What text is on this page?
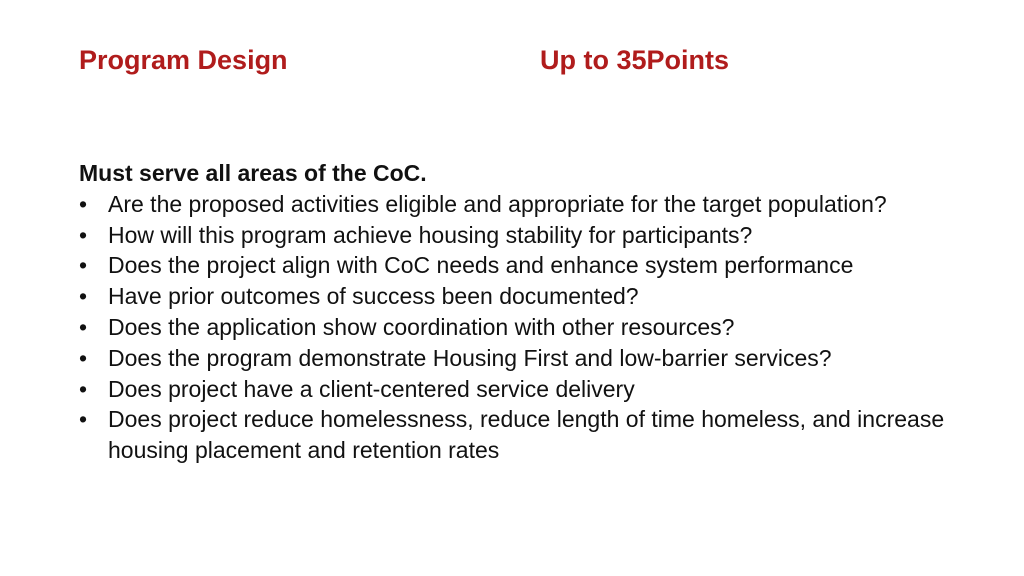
Program Design	Up to 35Points

Must serve all areas of the CoC.

• Are the proposed activities eligible and appropriate for the target population?
• How will this program achieve housing stability for participants?
• Does the project align with CoC needs and enhance system performance
• Have prior outcomes of success been documented?
• Does the application show coordination with other resources?
• Does the program demonstrate Housing First and low-barrier services?
• Does project have a client-centered service delivery
• Does project reduce homelessness, reduce length of time homeless, and increase housing placement and retention rates
